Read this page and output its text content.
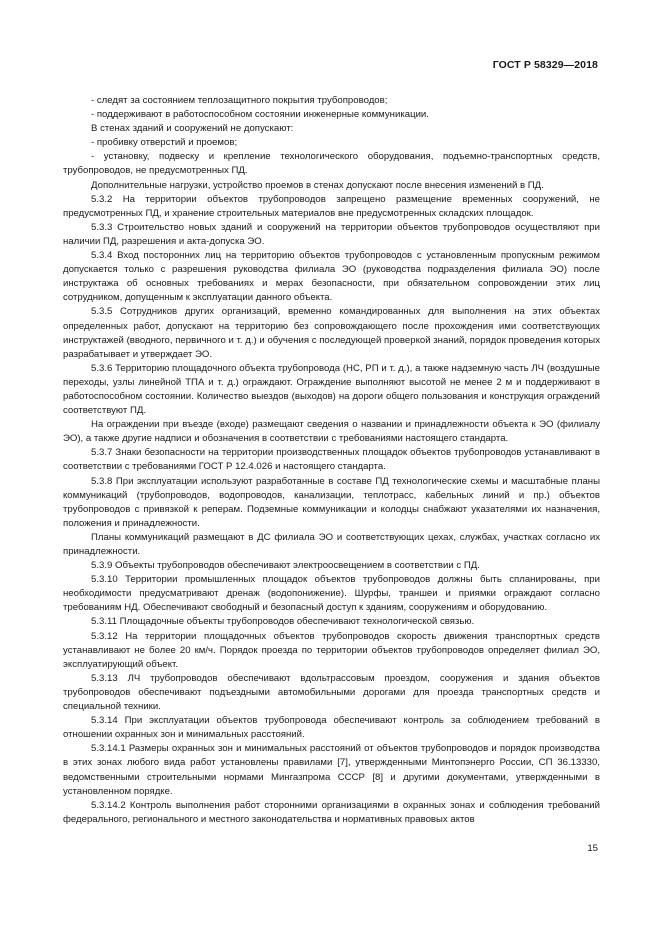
ГОСТ Р 58329—2018

- следят за состоянием теплозащитного покрытия трубопроводов;

- поддерживают в работоспособном состоянии инженерные коммуникации.

В стенах зданий и сооружений не допускают:

- пробивку отверстий и проемов;

- установку, подвеску и крепление технологического оборудования, подъемно-транспортных средств, трубопроводов, не предусмотренных ПД.

Дополнительные нагрузки, устройство проемов в стенах допускают после внесения изменений в ПД.

5.3.2 На территории объектов трубопроводов запрещено размещение временных сооружений, не предусмотренных ПД, и хранение строительных материалов вне предусмотренных складских площадок.

5.3.3 Строительство новых зданий и сооружений на территории объектов трубопроводов осуществляют при наличии ПД, разрешения и акта-допуска ЭО.

5.3.4 Вход посторонних лиц на территорию объектов трубопроводов с установленным пропускным режимом допускается только с разрешения руководства филиала ЭО (руководства подразделения филиала ЭО) после инструктажа об основных требованиях и мерах безопасности, при обязательном сопровождении этих лиц сотрудником, допущенным к эксплуатации данного объекта.

5.3.5 Сотрудников других организаций, временно командированных для выполнения на этих объектах определенных работ, допускают на территорию без сопровождающего после прохождения ими соответствующих инструктажей (вводного, первичного и т. д.) и обучения с последующей проверкой знаний, порядок проведения которых разрабатывает и утверждает ЭО.

5.3.6 Территорию площадочного объекта трубопровода (НС, РП и т. д.), а также надземную часть ЛЧ (воздушные переходы, узлы линейной ТПА и т. д.) ограждают. Ограждение выполняют высотой не менее 2 м и поддерживают в работоспособном состоянии. Количество выездов (выходов) на дороги общего пользования и конструкция ограждений соответствуют ПД.

На ограждении при въезде (входе) размещают сведения о названии и принадлежности объекта к ЭО (филиалу ЭО), а также другие надписи и обозначения в соответствии с требованиями настоящего стандарта.

5.3.7 Знаки безопасности на территории производственных площадок объектов трубопроводов устанавливают в соответствии с требованиями ГОСТ Р 12.4.026 и настоящего стандарта.

5.3.8 При эксплуатации используют разработанные в составе ПД технологические схемы и масштабные планы коммуникаций (трубопроводов, водопроводов, канализации, теплотрасс, кабельных линий и пр.) объектов трубопроводов с привязкой к реперам. Подземные коммуникации и колодцы снабжают указателями их назначения, положения и принадлежности.

Планы коммуникаций размещают в ДС филиала ЭО и соответствующих цехах, службах, участках согласно их принадлежности.

5.3.9 Объекты трубопроводов обеспечивают электроосвещением в соответствии с ПД.

5.3.10 Территории промышленных площадок объектов трубопроводов должны быть спланированы, при необходимости предусматривают дренаж (водопонижение). Шурфы, траншеи и приямки ограждают согласно требованиям НД. Обеспечивают свободный и безопасный доступ к зданиям, сооружениям и оборудованию.

5.3.11 Площадочные объекты трубопроводов обеспечивают технологической связью.

5.3.12 На территории площадочных объектов трубопроводов скорость движения транспортных средств устанавливают не более 20 км/ч. Порядок проезда по территории объектов трубопроводов определяет филиал ЭО, эксплуатирующий объект.

5.3.13 ЛЧ трубопроводов обеспечивают вдольтрассовым проездом, сооружения и здания объектов трубопроводов обеспечивают подъездными автомобильными дорогами для проезда транспортных средств и специальной техники.

5.3.14 При эксплуатации объектов трубопровода обеспечивают контроль за соблюдением требований в отношении охранных зон и минимальных расстояний.

5.3.14.1 Размеры охранных зон и минимальных расстояний от объектов трубопроводов и порядок производства в этих зонах любого вида работ установлены правилами [7], утвержденными Минтопэнерго России, СП 36.13330, ведомственными строительными нормами Мингазпрома СССР [8] и другими документами, утвержденными в установленном порядке.

5.3.14.2 Контроль выполнения работ сторонними организациями в охранных зонах и соблюдения требований федерального, регионального и местного законодательства и нормативных правовых актов

15
